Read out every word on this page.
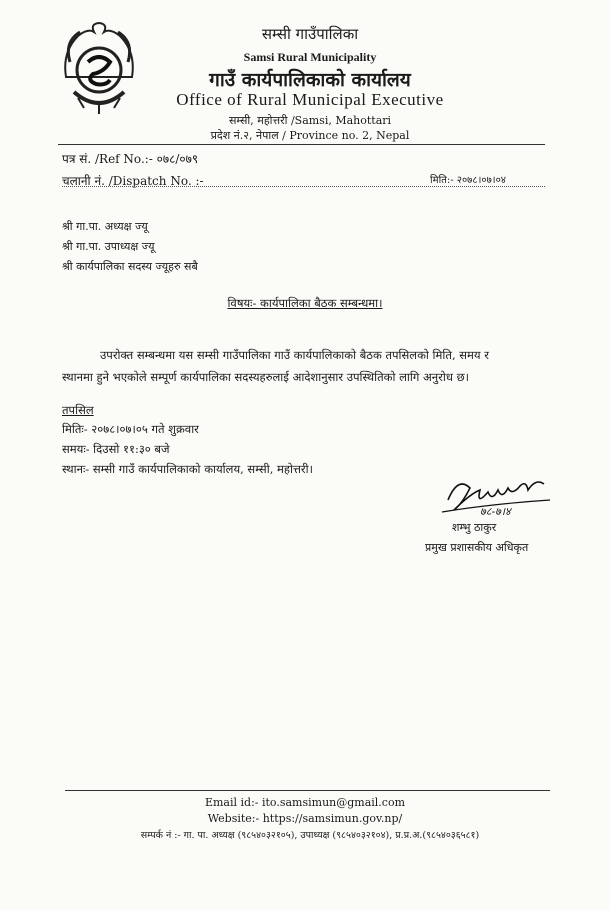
सम्सी गाउँपालिका
Samsi Rural Municipality
गाउँ कार्यपालिकाको कार्यालय
Office of Rural Municipal Executive
सम्सी, महोत्तरी /Samsi, Mahottari
प्रदेश नं.२, नेपाल / Province no. 2, Nepal
पत्र सं. /Ref No.:- ०७८/०७९
चलानी नं. /Dispatch No. :-	मिति:- २०७८।०७।०४
श्री गा.पा. अध्यक्ष ज्यू
श्री गा.पा. उपाध्यक्ष ज्यू
श्री कार्यपालिका सदस्य ज्यूहरु सबै
विषयः- कार्यपालिका बैठक सम्बन्धमा।
उपरोक्त सम्बन्धमा यस सम्सी गाउँपालिका गाउँ कार्यपालिकाको बैठक तपसिलको मिति, समय र
स्थानमा हुने भएकोले सम्पूर्ण कार्यपालिका सदस्यहरुलाई आदेशानुसार उपस्थितिको लागि अनुरोध छ।
तपसिल
मितिः- २०७८।०७।०५ गते शुक्रवार
समयः- दिउसो ११:३० बजे
स्थानः- सम्सी गाउँ कार्यपालिकाको कार्यालय, सम्सी, महोत्तरी।
७८-७।४
शम्भु ठाकुर
प्रमुख प्रशासकीय अधिकृत
Email id:- ito.samsimun@gmail.com
Website:- https://samsimun.gov.np/
सम्पर्क नं :- गा. पा. अध्यक्ष (९८५४०३२१०५), उपाध्यक्ष (९८५४०३२१०४), प्र.प्र.अ.(९८५४०३६५८१)
